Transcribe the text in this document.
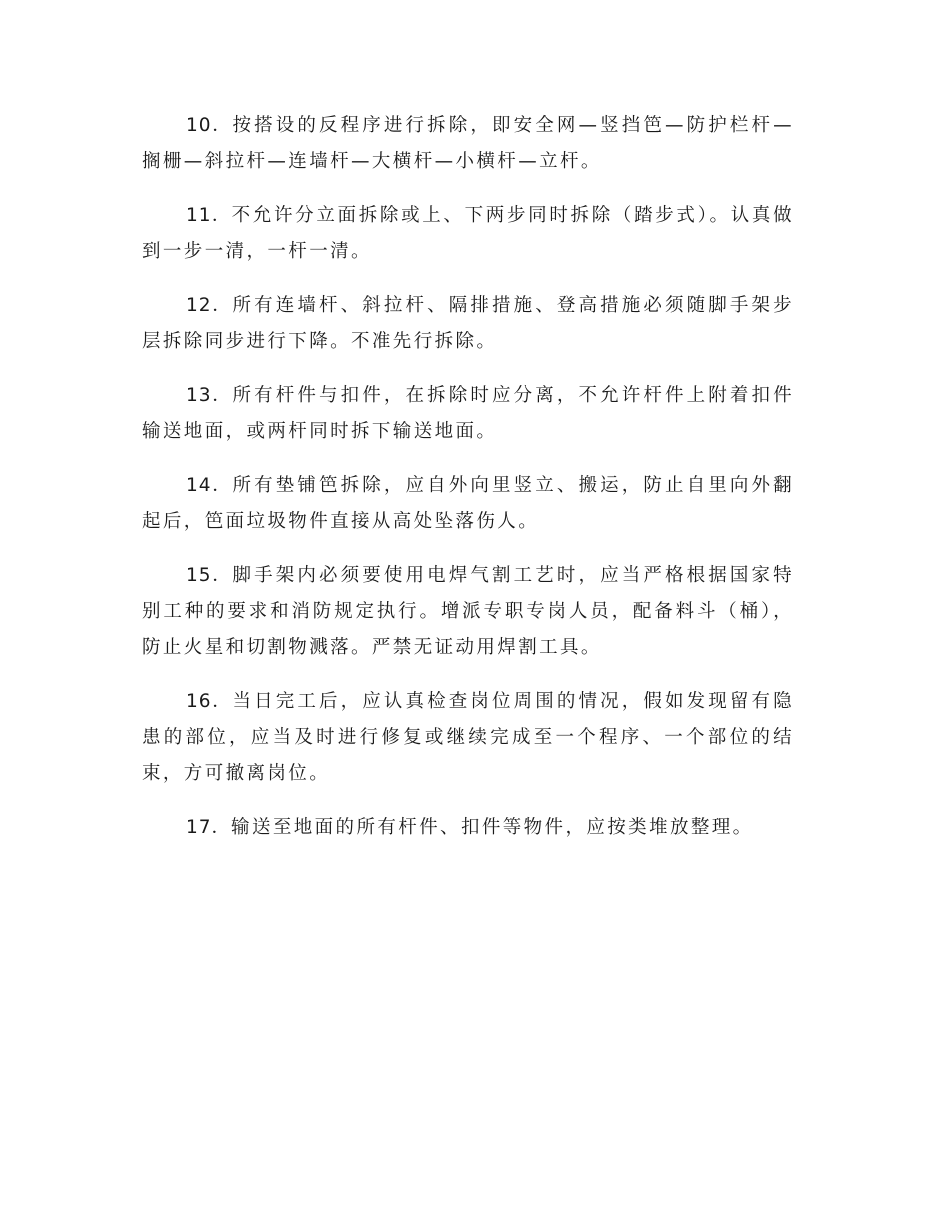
10．按搭设的反程序进行拆除，即安全网—竖挡笆—防护栏杆—搁栅—斜拉杆—连墙杆—大横杆—小横杆—立杆。

11．不允许分立面拆除或上、下两步同时拆除（踏步式）。认真做到一步一清，一杆一清。

12．所有连墙杆、斜拉杆、隔排措施、登高措施必须随脚手架步层拆除同步进行下降。不准先行拆除。

13．所有杆件与扣件，在拆除时应分离，不允许杆件上附着扣件输送地面，或两杆同时拆下输送地面。

14．所有垫铺笆拆除，应自外向里竖立、搬运，防止自里向外翻起后，笆面垃圾物件直接从高处坠落伤人。

15．脚手架内必须要使用电焊气割工艺时，应当严格根据国家特别工种的要求和消防规定执行。增派专职专岗人员，配备料斗（桶），防止火星和切割物溅落。严禁无证动用焊割工具。

16．当日完工后，应认真检查岗位周围的情况，假如发现留有隐患的部位，应当及时进行修复或继续完成至一个程序、一个部位的结束，方可撤离岗位。

17．输送至地面的所有杆件、扣件等物件，应按类堆放整理。
